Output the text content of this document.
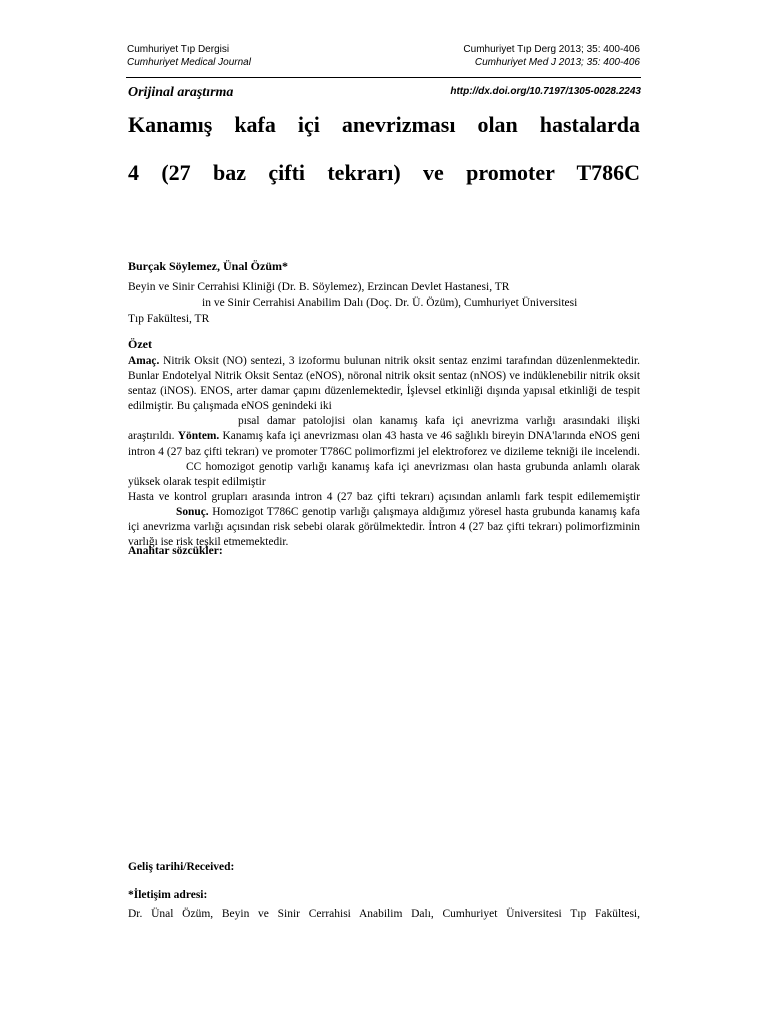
Cumhuriyet Tıp Dergisi
Cumhuriyet Medical Journal
Cumhuriyet Tıp Derg 2013; 35: 400-406
Cumhuriyet Med J 2013; 35: 400-406
Orijinal araştırma	http://dx.doi.org/10.7197/1305-0028.2243
Kanamış kafa içi anevrizması olan hastalarda
4 (27 baz çifti tekrarı) ve promoter T786C
Burçak Söylemez, Ünal Özüm*
Beyin ve Sinir Cerrahisi Kliniği (Dr. B. Söylemez), Erzincan Devlet Hastanesi, TR
in ve Sinir Cerrahisi Anabilim Dalı (Doç. Dr. Ü. Özüm), Cumhuriyet Üniversitesi
Tıp Fakültesi, TR
Özet
Amaç. Nitrik Oksit (NO) sentezi, 3 izoformu bulunan nitrik oksit sentaz enzimi tarafından düzenlenmektedir. Bunlar Endotelyal Nitrik Oksit Sentaz (eNOS), nöronal nitrik oksit sentaz (nNOS) ve indüklenebilir nitrik oksit sentaz (iNOS). ENOS, arter damar çapını düzenlemektedir, İşlevsel etkinliği dışında yapısal etkinliği de tespit edilmiştir. Bu çalışmada eNOS genindeki iki
pısal damar patolojisi olan kanamış kafa içi anevrizma varlığı arasındaki ilişki araştırıldı. Yöntem. Kanamış kafa içi anevrizması olan 43 hasta ve 46 sağlıklı bireyin DNA'larında eNOS geni intron 4 (27 baz çifti tekrarı) ve promoter T786C polimorfizmi jel elektroforez ve dizileme tekniği ile incelendi. CC homozigot genotip varlığı kanamış kafa içi anevrizması olan hasta grubunda anlamlı olarak yüksek olarak tespit edilmiştir
Hasta ve kontrol grupları arasında intron 4 (27 baz çifti tekrarı) açısından anlamlı fark tespit edilememiştir Sonuç. Homozigot T786C genotip varlığı çalışmaya aldığımız yöresel hasta grubunda kanamış kafa içi anevrizma varlığı açısından risk sebebi olarak görülmektedir. İntron 4 (27 baz çifti tekrarı) polimorfizminin varlığı ise risk teşkil etmemektedir.
Anahtar sözcükler:
Geliş tarihi/Received:
*İletişim adresi:
Dr. Ünal Özüm, Beyin ve Sinir Cerrahisi Anabilim Dalı, Cumhuriyet Üniversitesi Tıp Fakültesi,
